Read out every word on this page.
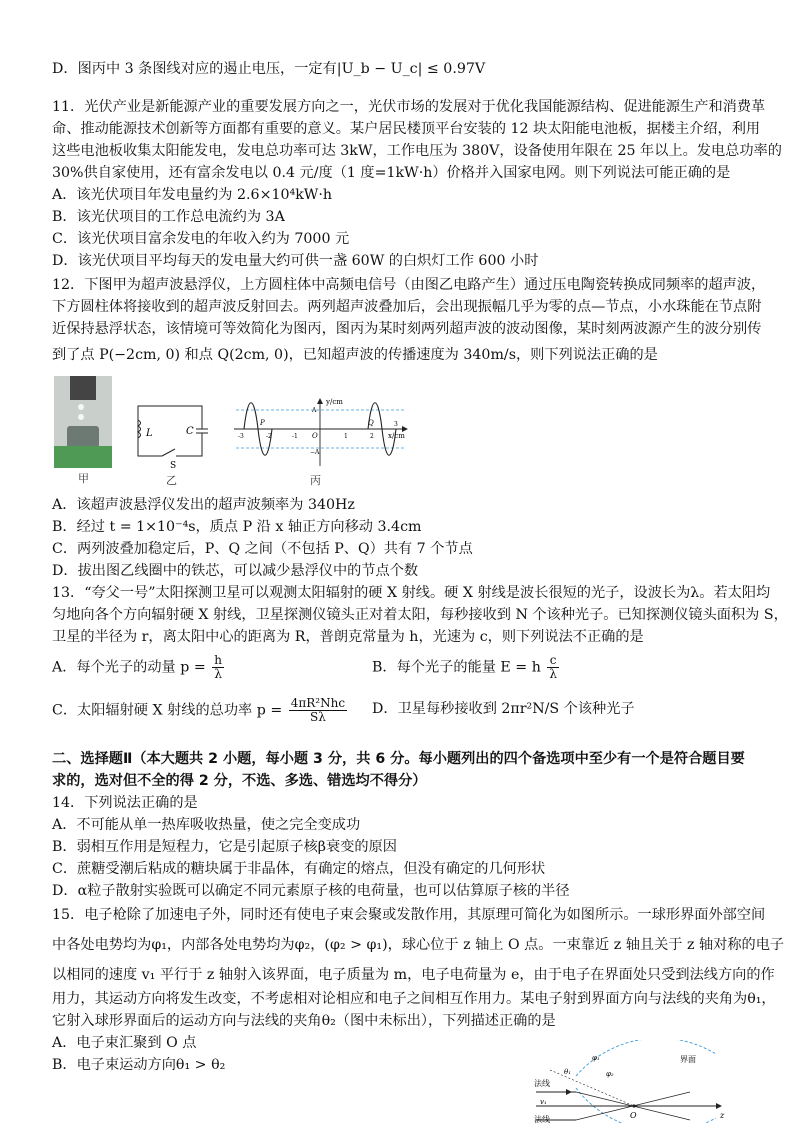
D．图丙中 3 条图线对应的遏止电压，一定有|U_b − U_c| ≤ 0.97V
11．光伏产业是新能源产业的重要发展方向之一，光伏市场的发展对于优化我国能源结构、促进能源生产和消费革
命、推动能源技术创新等方面都有重要的意义。某户居民楼顶平台安装的 12 块太阳能电池板，据楼主介绍，利用
这些电池板收集太阳能发电，发电总功率可达 3kW，工作电压为 380V，设备使用年限在 25 年以上。发电总功率的
30%供自家使用，还有富余发电以 0.4 元/度（1 度=1kW·h）价格并入国家电网。则下列说法可能正确的是
A．该光伏项目年发电量约为 2.6×10⁴kW·h
B．该光伏项目的工作总电流约为 3A
C．该光伏项目富余发电的年收入约为 7000 元
D．该光伏项目平均每天的发电量大约可供一盏 60W 的白炽灯工作 600 小时
12．下图甲为超声波悬浮仪，上方圆柱体中高频电信号（由图乙电路产生）通过压电陶瓷转换成同频率的超声波，
下方圆柱体将接收到的超声波反射回去。两列超声波叠加后，会出现振幅几乎为零的点—节点，小水珠能在节点附
近保持悬浮状态，该情境可等效简化为图丙，图丙为某时刻两列超声波的波动图像，某时刻两波源产生的波分别传
到了点 P(−2cm, 0) 和点 Q(2cm, 0)，已知超声波的传播速度为 340m/s，则下列说法正确的是
甲
L	C
S
乙
y/cm
x/cm
A
−A
-3	-2	-1 O	1	2
3
P	Q
丙
A．该超声波悬浮仪发出的超声波频率为 340Hz
B．经过 t = 1×10⁻⁴s，质点 P 沿 x 轴正方向移动 3.4cm
C．两列波叠加稳定后，P、Q 之间（不包括 P、Q）共有 7 个节点
D．拔出图乙线圈中的铁芯，可以减少悬浮仪中的节点个数
13．“夸父一号”太阳探测卫星可以观测太阳辐射的硬 X 射线。硬 X 射线是波长很短的光子，设波长为λ。若太阳均
匀地向各个方向辐射硬 X 射线，卫星探测仪镜头正对着太阳，每秒接收到 N 个该种光子。已知探测仪镜头面积为 S，
卫星的半径为 r，离太阳中心的距离为 R，普朗克常量为 h，光速为 c，则下列说法不正确的是
A．每个光子的动量 $p = \frac{h}{\lambda}$	B．每个光子的能量 E = h $\frac{c}{\lambda}$
C．太阳辐射硬 X 射线的总功率 $p = \frac{\text{4πR²Nhc}}{S\lambda}$ D．卫星每秒接收到 2πr²N/S 个该种光子
二、选择题Ⅱ（本大题共 2 小题，每小题 3 分，共 6 分。每小题列出的四个备选项中至少有一个是符合题目要
求的，选对但不全的得 2 分，不选、多选、错选均不得分）
14．下列说法正确的是
A．不可能从单一热库吸收热量，使之完全变成功
B．弱相互作用是短程力，它是引起原子核β衰变的原因
C．蔗糖受潮后粘成的糖块属于非晶体，有确定的熔点，但没有确定的几何形状
D．α粒子散射实验既可以确定不同元素原子核的电荷量，也可以估算原子核的半径
15．电子枪除了加速电子外，同时还有使电子束会聚或发散作用，其原理可简化为如图所示。一球形界面外部空间
中各处电势均为φ₁，内部各处电势均为φ₂，(φ₂ > φ₁)，球心位于 z 轴上 O 点。一束靠近 z 轴且关于 z 轴对称的电子
以相同的速度 v₁ 平行于 z 轴射入该界面，电子质量为 m，电子电荷量为 e，由于电子在界面处只受到法线方向的作
用力，其运动方向将发生改变，不考虑相对论相应和电子之间相互作用力。某电子射到界面方向与法线的夹角为θ₁，
它射入球形界面后的运动方向与法线的夹角θ₂（图中未标出），下列描述正确的是
A．电子束汇聚到 O 点
B．电子束运动方向θ₁ > θ₂
法线
法线
界面
v₁
θ₁
φ₁
φ₂
O	z
